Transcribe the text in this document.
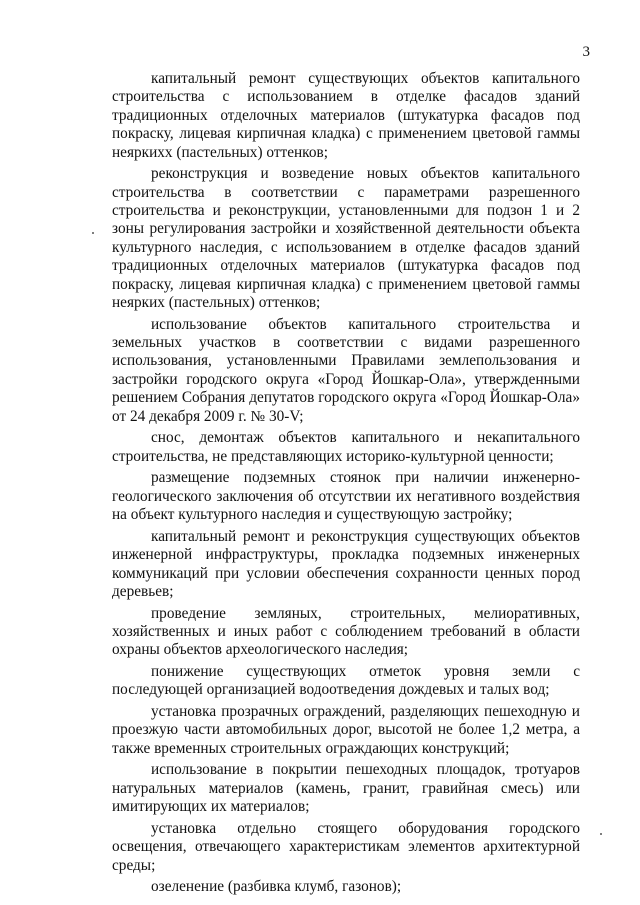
3

капитальный ремонт существующих объектов капитального строительства с использованием в отделке фасадов зданий традиционных отделочных материалов (штукатурка фасадов под покраску, лицевая кирпичная кладка) с применением цветовой гаммы неяркихх (пастельных) оттенков;

реконструкция и возведение новых объектов капитального строительства в соответствии с параметрами разрешенного строительства и реконструкции, установленными для подзон 1 и 2 зоны регулирования застройки и хозяйственной деятельности объекта культурного наследия, с использованием в отделке фасадов зданий традиционных отделочных материалов (штукатурка фасадов под покраску, лицевая кирпичная кладка) с применением цветовой гаммы неярких (пастельных) оттенков;

использование объектов капитального строительства и земельных участков в соответствии с видами разрешенного использования, установленными Правилами землепользования и застройки городского округа «Город Йошкар-Ола», утвержденными решением Собрания депутатов городского округа «Город Йошкар-Ола» от 24 декабря 2009 г. № 30-V;

снос, демонтаж объектов капитального и некапитального строительства, не представляющих историко-культурной ценности;

размещение подземных стоянок при наличии инженерно-геологического заключения об отсутствии их негативного воздействия на объект культурного наследия и существующую застройку;

капитальный ремонт и реконструкция существующих объектов инженерной инфраструктуры, прокладка подземных инженерных коммуникаций при условии обеспечения сохранности ценных пород деревьев;

проведение земляных, строительных, мелиоративных, хозяйственных и иных работ с соблюдением требований в области охраны объектов археологического наследия;

понижение существующих отметок уровня земли с последующей организацией водоотведения дождевых и талых вод;

установка прозрачных ограждений, разделяющих пешеходную и проезжую части автомобильных дорог, высотой не более 1,2 метра, а также временных строительных ограждающих конструкций;

использование в покрытии пешеходных площадок, тротуаров натуральных материалов (камень, гранит, гравийная смесь) или имитирующих их материалов;

установка отдельно стоящего оборудования городского освещения, отвечающего характеристикам элементов архитектурной среды;

озеленение (разбивка клумб, газонов);
